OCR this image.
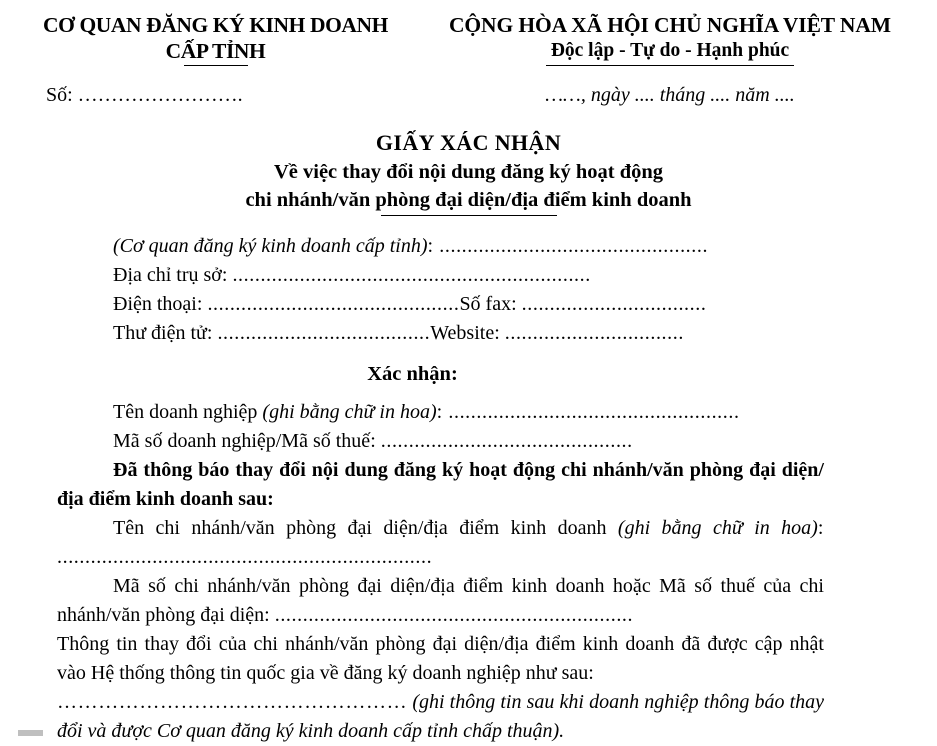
CƠ QUAN ĐĂNG KÝ KINH DOANH
CẤP TỈNH
CỘNG HÒA XÃ HỘI CHỦ NGHĨA VIỆT NAM
Độc lập - Tự do - Hạnh phúc
Số: …………………….	……, ngày .... tháng .... năm ....
GIẤY XÁC NHẬN
Về việc thay đổi nội dung đăng ký hoạt động
chi nhánh/văn phòng đại diện/địa điểm kinh doanh
(Cơ quan đăng ký kinh doanh cấp tỉnh): ................................................
Địa chỉ trụ sở: ................................................................
Điện thoại: .............................................Số fax: .................................
Thư điện tử: ......................................Website: ................................
Xác nhận:
Tên doanh nghiệp (ghi bằng chữ in hoa): ....................................................
Mã số doanh nghiệp/Mã số thuế: .............................................
Đã thông báo thay đổi nội dung đăng ký hoạt động chi nhánh/văn phòng đại diện/địa điểm kinh doanh sau:
Tên chi nhánh/văn phòng đại diện/địa điểm kinh doanh (ghi bằng chữ in hoa): ...................................................................
Mã số chi nhánh/văn phòng đại diện/địa điểm kinh doanh hoặc Mã số thuế của chi nhánh/văn phòng đại diện: ................................................................
Thông tin thay đổi của chi nhánh/văn phòng đại diện/địa điểm kinh doanh đã được cập nhật vào Hệ thống thông tin quốc gia về đăng ký doanh nghiệp như sau:
…………………………………………… (ghi thông tin sau khi doanh nghiệp thông báo thay đổi và được Cơ quan đăng ký kinh doanh cấp tỉnh chấp thuận).
